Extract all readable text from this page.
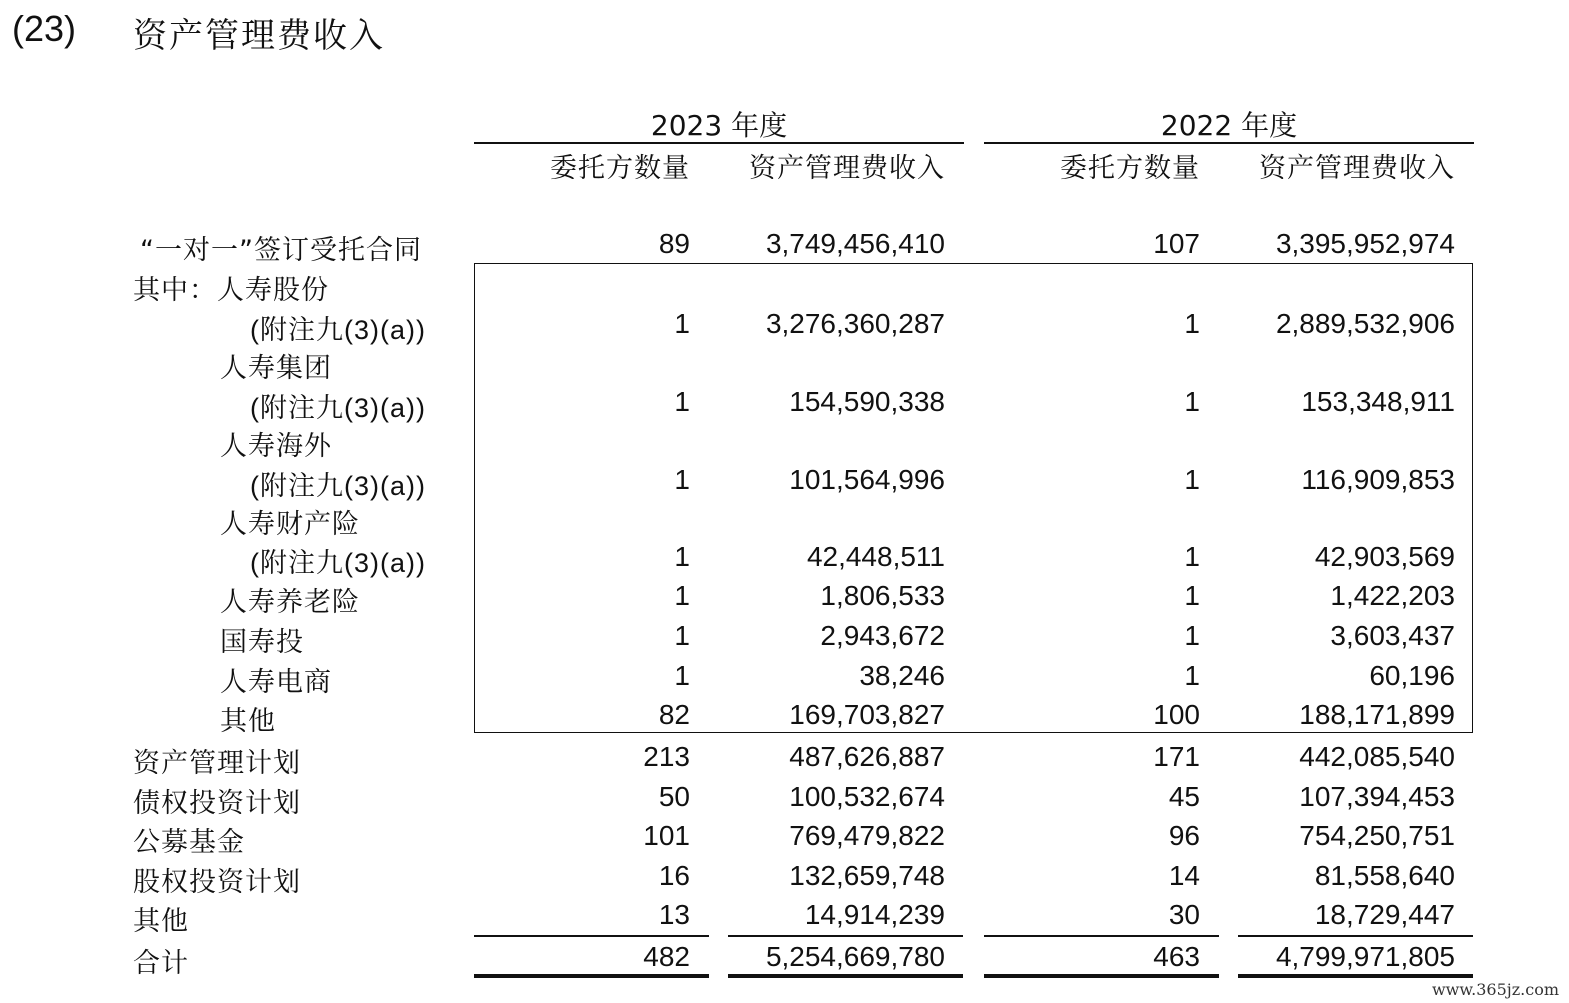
(23) 资产管理费收入
2023 年度	2022 年度
委托方数量	资产管理费收入	委托方数量	资产管理费收入
“一对一”签订受托合同	89	3,749,456,410	107	3,395,952,974
其中：人寿股份
(附注九(3)(a))	1	3,276,360,287	1	2,889,532,906
人寿集团
(附注九(3)(a))	1	154,590,338	1	153,348,911
人寿海外
(附注九(3)(a))	1	101,564,996	1	116,909,853
人寿财产险
(附注九(3)(a))	1	42,448,511	1	42,903,569
人寿养老险	1	1,806,533	1	1,422,203
国寿投	1	2,943,672	1	3,603,437
人寿电商	1	38,246	1	60,196
其他	82	169,703,827	100	188,171,899
资产管理计划	213	487,626,887	171	442,085,540
债权投资计划	50	100,532,674	45	107,394,453
公募基金	101	769,479,822	96	754,250,751
股权投资计划	16	132,659,748	14	81,558,640
其他	13	14,914,239	30	18,729,447
合计	482	5,254,669,780	463	4,799,971,805
www.365jz.com
